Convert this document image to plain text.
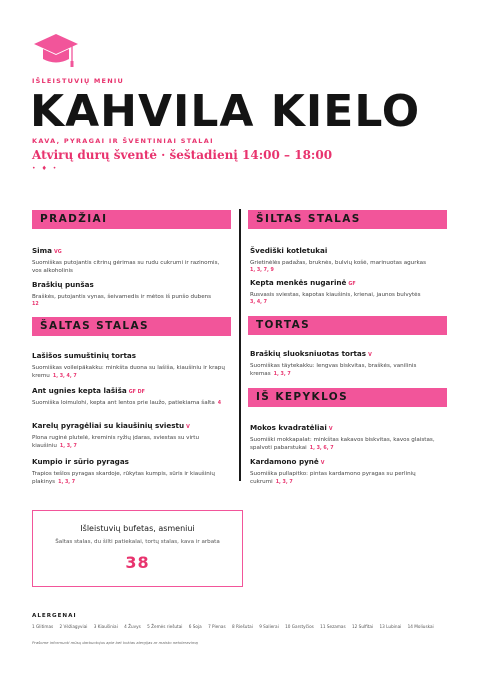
IŠLEISTUVIŲ MENIU
KAHVILA KIELO
KAVA, PYRAGAI IR ŠVENTINIAI STALAI
Atvirų durų šventė · šeštadienį 14:00 – 18:00
• ♦ •
PRADŽIAI
Sima VG
Suomiškas putojantis citrinų gėrimas su rudu cukrumi ir razinomis, vos alkoholinis
Braškių punšas
Braškės, putojantis vynas, šeivamedis ir mėtos iš punšo dubens
12
ŠILTAS STALAS
Švediški kotletukai
Grietinėlės padažas, bruknės, bulvių košė, marinuotas agurkas
1, 3, 7, 9
Kepta menkės nugarinė GF
Rusvasis sviestas, kapotas kiaušinis, krienai, jaunos bulvytės
3, 4, 7
ŠALTAS STALAS
Lašišos sumuštinių tortas
Suomiškas voileipäkakku: minkšta duona su lašiša, kiaušiniu ir krapų kremu 1, 3, 4, 7
Ant ugnies kepta lašiša GF DF
Suomiška loimulohi, kepta ant lentos prie laužo, patiekiama šalta 4
Karelų pyragėliai su kiaušinių sviestu V
Plona ruginė plutelė, kreminis ryžių įdaras, sviestas su virtu kiaušiniu 1, 3, 7
Kumpio ir sūrio pyragas
Trapios tešlos pyragas skardoje, rūkytas kumpis, sūris ir kiaušinių plakinys 1, 3, 7
TORTAS
Braškių sluoksniuotas tortas V
Suomiškas täytekakku: lengvas biskvitas, braškės, vanilinis kremas 1, 3, 7
IŠ KEPYKLOS
Mokos kvadratėliai V
Suomiški mokkapalat: minkštas kakavos biskvitas, kavos glaistas, spalvoti pabarstukai 1, 3, 6, 7
Kardamono pynė V
Suomiška pullapitko: pintas kardamono pyragas su perlinių cukrumi 1, 3, 7
Išleistuvių bufetas, asmeniui
Šaltas stalas, du šilti patiekalai, tortų stalas, kava ir arbata
38
ALERGENAI
1 Glitimas 2 Vėžiagyviai 3 Kiaušiniai 4 Žuvys 5 Žemės riešutai 6 Soja 7 Pienas 8 Riešutai 9 Salierai 10 Garstyčios 11 Sezamas 12 Sulfitai 13 Lubinai 14 Moliuskai
Prašome informuoti mūsų darbuotojus apie bet kokias alergijas ar maisto netoleravimą
